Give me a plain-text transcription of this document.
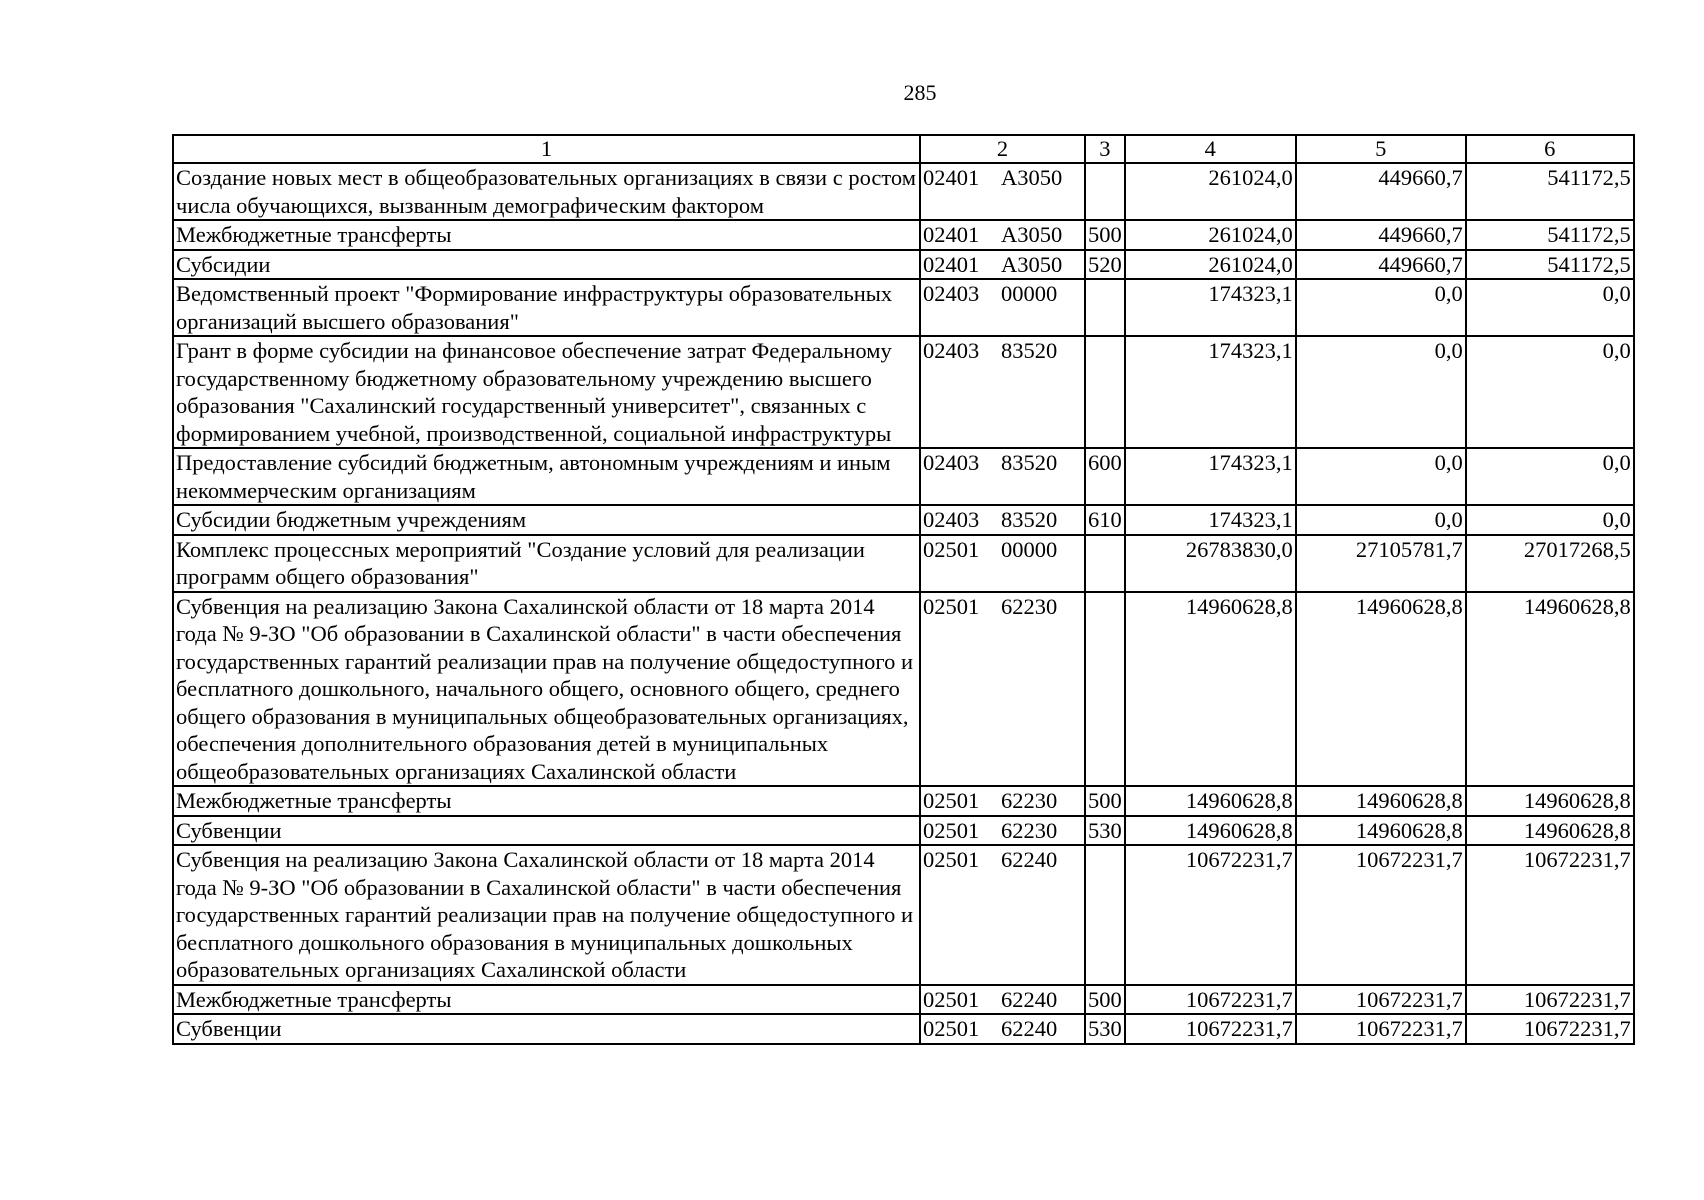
285
1	2	3	4	5	6
Создание новых мест в общеобразовательных организациях в связи с ростом числа обучающихся, вызванным демографическим фактором	02401 А3050		261024,0	449660,7	541172,5
Межбюджетные трансферты	02401 А3050	500	261024,0	449660,7	541172,5
Субсидии	02401 А3050	520	261024,0	449660,7	541172,5
Ведомственный проект "Формирование инфраструктуры образовательных организаций высшего образования"	02403 00000		174323,1	0,0	0,0
Грант в форме субсидии на финансовое обеспечение затрат Федеральному государственному бюджетному образовательному учреждению высшего образования "Сахалинский государственный университет", связанных с формированием учебной, производственной, социальной инфраструктуры	02403 83520		174323,1	0,0	0,0
Предоставление субсидий бюджетным, автономным учреждениям и иным некоммерческим организациям	02403 83520	600	174323,1	0,0	0,0
Субсидии бюджетным учреждениям	02403 83520	610	174323,1	0,0	0,0
Комплекс процессных мероприятий "Создание условий для реализации программ общего образования"	02501 00000		26783830,0	27105781,7	27017268,5
Субвенция на реализацию Закона Сахалинской области от 18 марта 2014 года № 9-ЗО "Об образовании в Сахалинской области" в части обеспечения государственных гарантий реализации прав на получение общедоступного и бесплатного дошкольного, начального общего, основного общего, среднего общего образования в муниципальных общеобразовательных организациях, обеспечения дополнительного образования детей в муниципальных общеобразовательных организациях Сахалинской области	02501 62230		14960628,8	14960628,8	14960628,8
Межбюджетные трансферты	02501 62230	500	14960628,8	14960628,8	14960628,8
Субвенции	02501 62230	530	14960628,8	14960628,8	14960628,8
Субвенция на реализацию Закона Сахалинской области от 18 марта 2014 года № 9-ЗО "Об образовании в Сахалинской области" в части обеспечения государственных гарантий реализации прав на получение общедоступного и бесплатного дошкольного образования в муниципальных дошкольных образовательных организациях Сахалинской области	02501 62240		10672231,7	10672231,7	10672231,7
Межбюджетные трансферты	02501 62240	500	10672231,7	10672231,7	10672231,7
Субвенции	02501 62240	530	10672231,7	10672231,7	10672231,7
